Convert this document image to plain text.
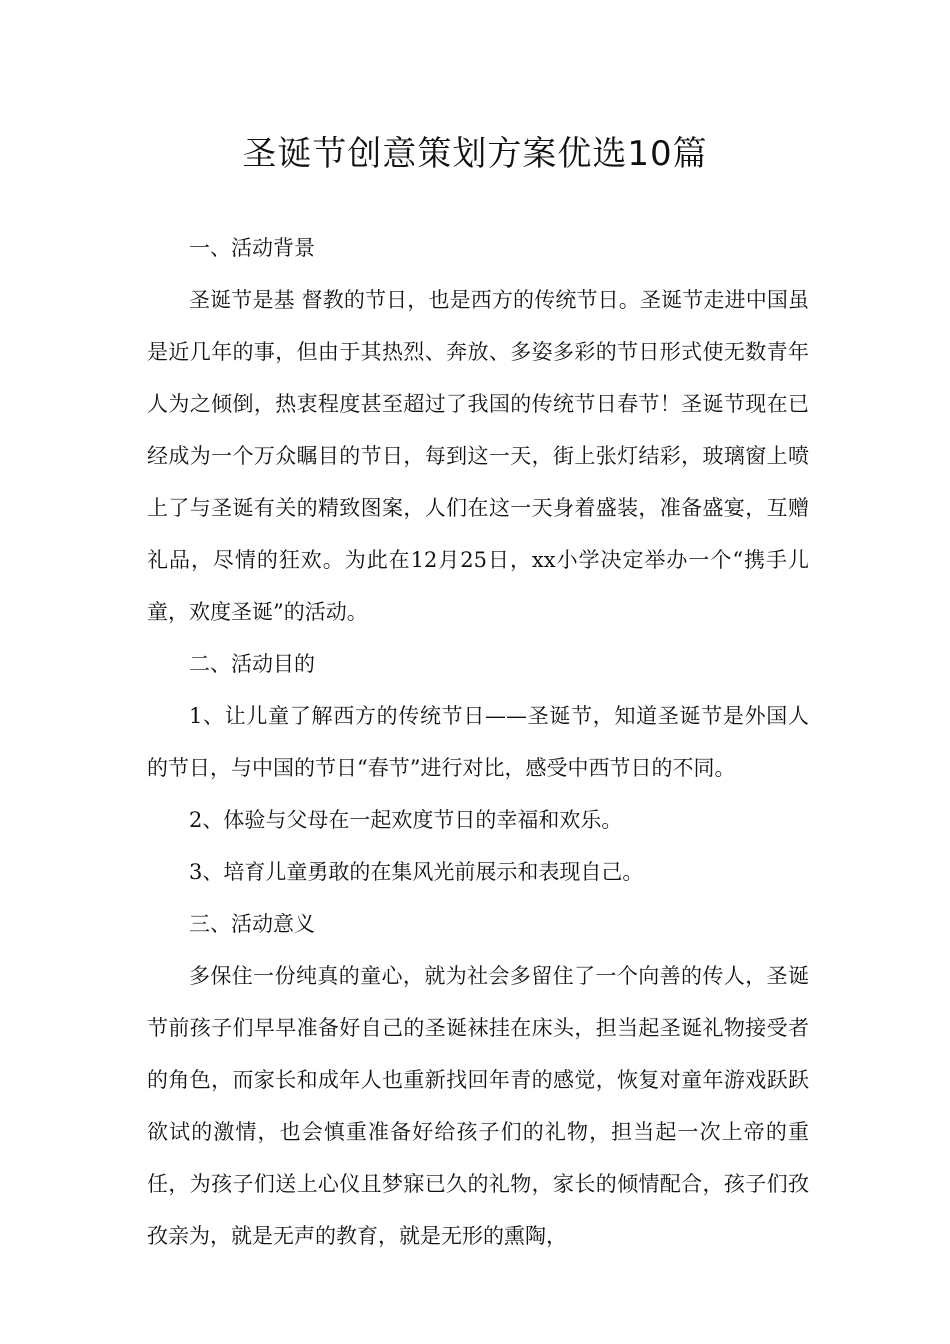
圣诞节创意策划方案优选10篇

一、活动背景

圣诞节是基 督教的节日，也是西方的传统节日。圣诞节走进中国虽是近几年的事，但由于其热烈、奔放、多姿多彩的节日形式使无数青年人为之倾倒，热衷程度甚至超过了我国的传统节日春节！圣诞节现在已经成为一个万众瞩目的节日，每到这一天，街上张灯结彩，玻璃窗上喷上了与圣诞有关的精致图案，人们在这一天身着盛装，准备盛宴，互赠礼品，尽情的狂欢。为此在12月25日，xx小学决定举办一个“携手儿童，欢度圣诞”的活动。

二、活动目的

1、让儿童了解西方的传统节日——圣诞节，知道圣诞节是外国人的节日，与中国的节日“春节”进行对比，感受中西节日的不同。

2、体验与父母在一起欢度节日的幸福和欢乐。

3、培育儿童勇敢的在集风光前展示和表现自己。

三、活动意义

多保住一份纯真的童心，就为社会多留住了一个向善的传人，圣诞节前孩子们早早准备好自己的圣诞袜挂在床头，担当起圣诞礼物接受者的角色，而家长和成年人也重新找回年青的感觉，恢复对童年游戏跃跃欲试的激情，也会慎重准备好给孩子们的礼物，担当起一次上帝的重任，为孩子们送上心仪且梦寐已久的礼物，家长的倾情配合，孩子们孜孜亲为，就是无声的教育，就是无形的熏陶，
